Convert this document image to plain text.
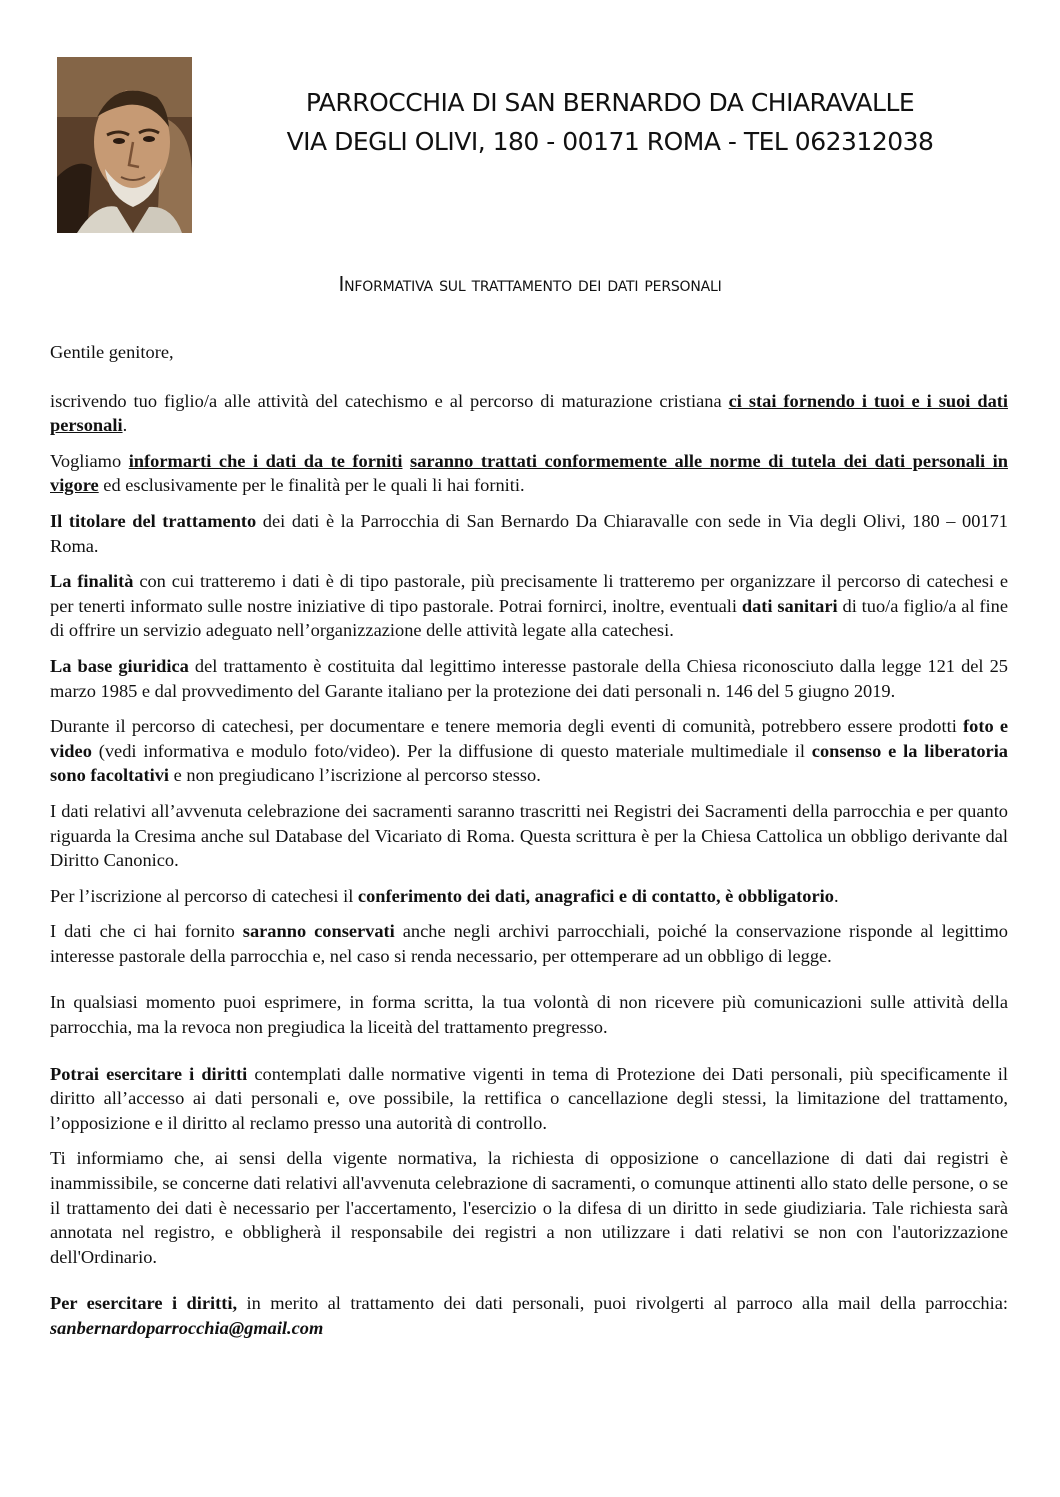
PARROCCHIA DI SAN BERNARDO DA CHIARAVALLE
VIA DEGLI OLIVI, 180 - 00171 ROMA - TEL 062312038
Informativa sul trattamento dei dati personali

Gentile genitore,

iscrivendo tuo figlio/a alle attività del catechismo e al percorso di maturazione cristiana ci stai fornendo i tuoi e i suoi dati personali.

Vogliamo informarti che i dati da te forniti saranno trattati conformemente alle norme di tutela dei dati personali in vigore ed esclusivamente per le finalità per le quali li hai forniti.

Il titolare del trattamento dei dati è la Parrocchia di San Bernardo Da Chiaravalle con sede in Via degli Olivi, 180 – 00171 Roma.

La finalità con cui tratteremo i dati è di tipo pastorale, più precisamente li tratteremo per organizzare il percorso di catechesi e per tenerti informato sulle nostre iniziative di tipo pastorale. Potrai fornirci, inoltre, eventuali dati sanitari di tuo/a figlio/a al fine di offrire un servizio adeguato nell’organizzazione delle attività legate alla catechesi.

La base giuridica del trattamento è costituita dal legittimo interesse pastorale della Chiesa riconosciuto dalla legge 121 del 25 marzo 1985 e dal provvedimento del Garante italiano per la protezione dei dati personali n. 146 del 5 giugno 2019.

Durante il percorso di catechesi, per documentare e tenere memoria degli eventi di comunità, potrebbero essere prodotti foto e video (vedi informativa e modulo foto/video). Per la diffusione di questo materiale multimediale il consenso e la liberatoria sono facoltativi e non pregiudicano l’iscrizione al percorso stesso.

I dati relativi all’avvenuta celebrazione dei sacramenti saranno trascritti nei Registri dei Sacramenti della parrocchia e per quanto riguarda la Cresima anche sul Database del Vicariato di Roma. Questa scrittura è per la Chiesa Cattolica un obbligo derivante dal Diritto Canonico.

Per l’iscrizione al percorso di catechesi il conferimento dei dati, anagrafici e di contatto, è obbligatorio.

I dati che ci hai fornito saranno conservati anche negli archivi parrocchiali, poiché la conservazione risponde al legittimo interesse pastorale della parrocchia e, nel caso si renda necessario, per ottemperare ad un obbligo di legge.

In qualsiasi momento puoi esprimere, in forma scritta, la tua volontà di non ricevere più comunicazioni sulle attività della parrocchia, ma la revoca non pregiudica la liceità del trattamento pregresso.

Potrai esercitare i diritti contemplati dalle normative vigenti in tema di Protezione dei Dati personali, più specificamente il diritto all’accesso ai dati personali e, ove possibile, la rettifica o cancellazione degli stessi, la limitazione del trattamento, l’opposizione e il diritto al reclamo presso una autorità di controllo.

Ti informiamo che, ai sensi della vigente normativa, la richiesta di opposizione o cancellazione di dati dai registri è inammissibile, se concerne dati relativi all'avvenuta celebrazione di sacramenti, o comunque attinenti allo stato delle persone, o se il trattamento dei dati è necessario per l'accertamento, l'esercizio o la difesa di un diritto in sede giudiziaria. Tale richiesta sarà annotata nel registro, e obbligherà il responsabile dei registri a non utilizzare i dati relativi se non con l'autorizzazione dell'Ordinario.

Per esercitare i diritti, in merito al trattamento dei dati personali, puoi rivolgerti al parroco alla mail della parrocchia: sanbernardoparrocchia@gmail.com
